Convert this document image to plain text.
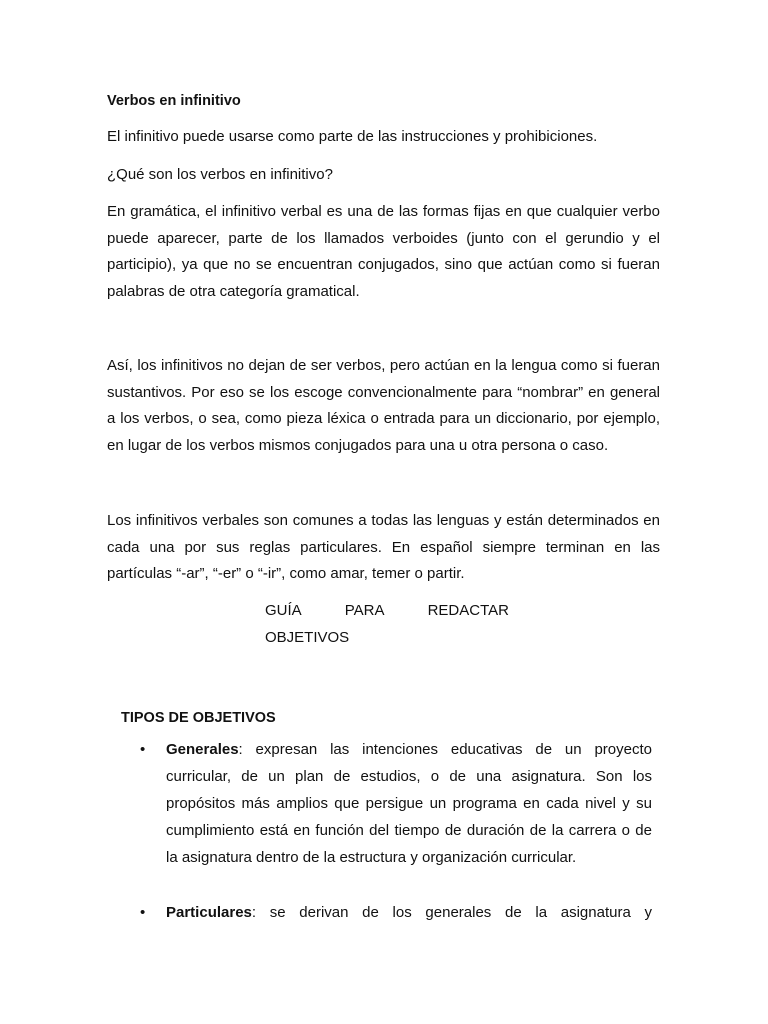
Verbos en infinitivo

El infinitivo puede usarse como parte de las instrucciones y prohibiciones.

¿Qué son los verbos en infinitivo?

En gramática, el infinitivo verbal es una de las formas fijas en que cualquier verbo puede aparecer, parte de los llamados verboides (junto con el gerundio y el participio), ya que no se encuentran conjugados, sino que actúan como si fueran palabras de otra categoría gramatical.

Así, los infinitivos no dejan de ser verbos, pero actúan en la lengua como si fueran sustantivos. Por eso se los escoge convencionalmente para “nombrar” en general a los verbos, o sea, como pieza léxica o entrada para un diccionario, por ejemplo, en lugar de los verbos mismos conjugados para una u otra persona o caso.

Los infinitivos verbales son comunes a todas las lenguas y están determinados en cada una por sus reglas particulares. En español siempre terminan en las partículas “-ar”, “-er” o “-ir”, como amar, temer o partir.

GUÍA	PARA	REDACTAR
OBJETIVOS
TIPOS DE OBJETIVOS
•	Generales: expresan las intenciones educativas de un proyecto curricular, de un plan de estudios, o de una asignatura. Son los propósitos más amplios que persigue un programa en cada nivel y su cumplimiento está en función del tiempo de duración de la carrera o de la asignatura dentro de la estructura y organización curricular.

•	Particulares: se derivan de los generales de la asignatura y
